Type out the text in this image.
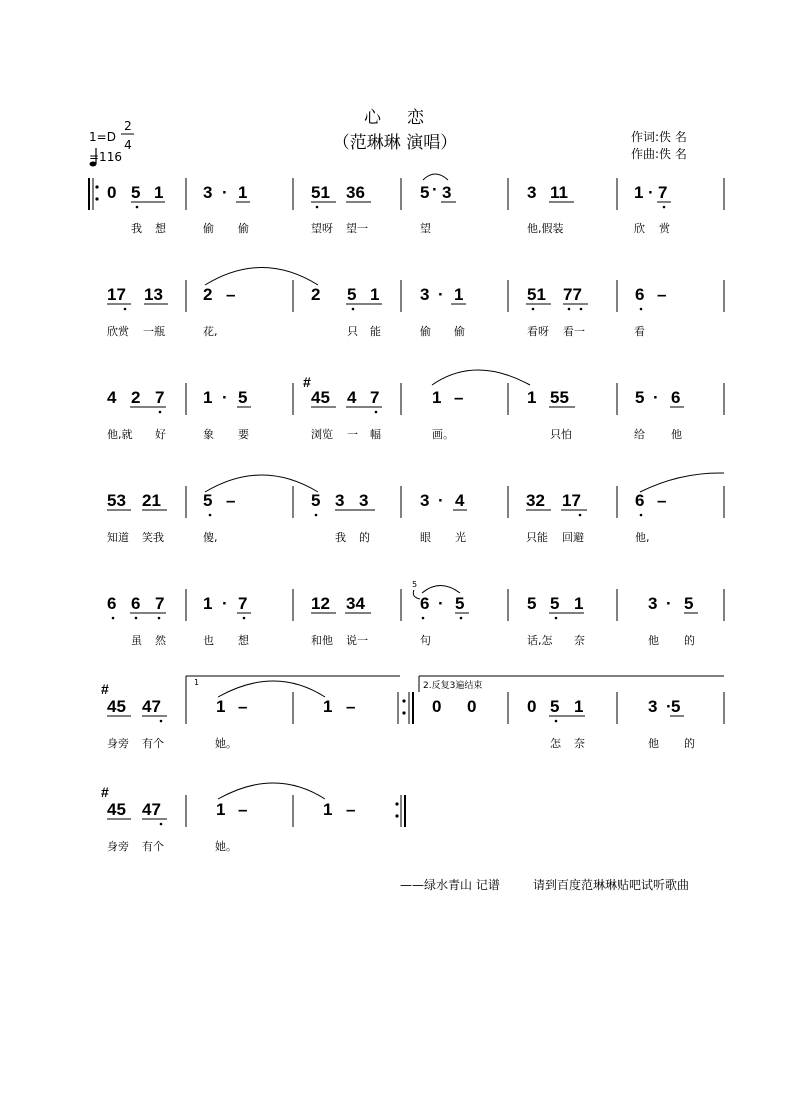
心恋
（范琳琳 演唱）	作词:佚 名
作曲:佚 名
1=D
2
4
=116
0 5 1 3 · 1	51 36	5 · 3	3 11	1 · 7
我 想	偷 偷	望呀 望一	望	他,假装	欣 赏
17 13 2 –	2 5 1 3 · 1	51 77	6 –
欣赏 一瓶	花,	只 能	偷 偷	看呀 看一	看
4 2 7 1 · 5
#
45 4 7	1 –	1 55	5 · 6
他,就 好	象 要	浏览 一 幅	画。	只怕	给 他
53 21 5 –	5 3 3	3 · 4	32 17	6 –
知道 笑我	傻,	我 的	眼 光	只能 回避	他,
6 6 7 1 · 7	12 34
5
6 · 5	5 5 1	3 · 5
虽 然	也 想	和他 说一	句	话,怎 奈	他 的
1	2.反复3遍结束
#
45 47	1 –	1 –	0 0	0 5 1	3 · 5
身旁 有个	她。	怎 奈	他 的
#
45 47	1 –	1 –
身旁 有个	她。
——绿水青山 记谱	请到百度范琳琳贴吧试听歌曲
